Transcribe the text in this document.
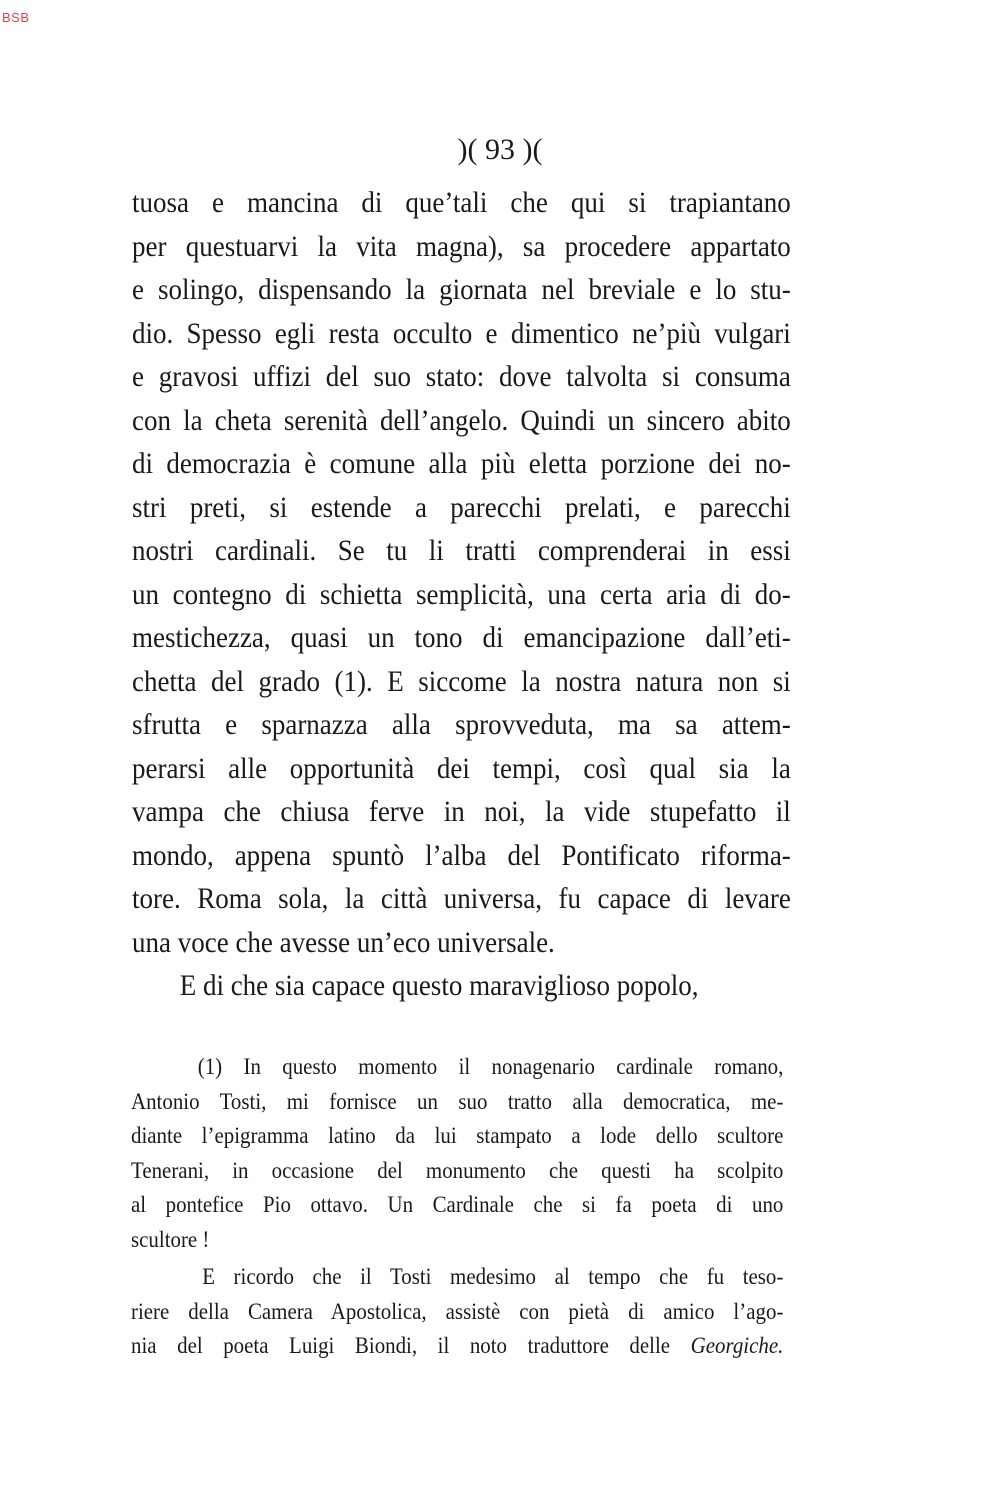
BSB
)( 93 )(
tuosa e mancina di que’tali che qui si trapiantano
per questuarvi la vita magna), sa procedere appartato
e solingo, dispensando la giornata nel breviale e lo stu-
dio. Spesso egli resta occulto e dimentico ne’più vulgari
e gravosi uffizi del suo stato: dove talvolta si consuma
con la cheta serenità dell’angelo. Quindi un sincero abito
di democrazia è comune alla più eletta porzione dei no-
stri preti, si estende a parecchi prelati, e parecchi
nostri cardinali. Se tu li tratti comprenderai in essi
un contegno di schietta semplicità, una certa aria di do-
mestichezza, quasi un tono di emancipazione dall’eti-
chetta del grado (1). E siccome la nostra natura non si
sfrutta e sparnazza alla sprovveduta, ma sa attem-
perarsi alle opportunità dei tempi, così qual sia la
vampa che chiusa ferve in noi, la vide stupefatto il
mondo, appena spuntò l’alba del Pontificato riforma-
tore. Roma sola, la città universa, fu capace di levare
una voce che avesse un’eco universale.
E di che sia capace questo maraviglioso popolo,
(1) In questo momento il nonagenario cardinale romano,
Antonio Tosti, mi fornisce un suo tratto alla democratica, me-
diante l’epigramma latino da lui stampato a lode dello scultore
Tenerani, in occasione del monumento che questi ha scolpito
al pontefice Pio ottavo. Un Cardinale che si fa poeta di uno
scultore !
E ricordo che il Tosti medesimo al tempo che fu teso-
riere della Camera Apostolica, assistè con pietà di amico l’ago-
nia del poeta Luigi Biondi, il noto traduttore delle Georgiche.
